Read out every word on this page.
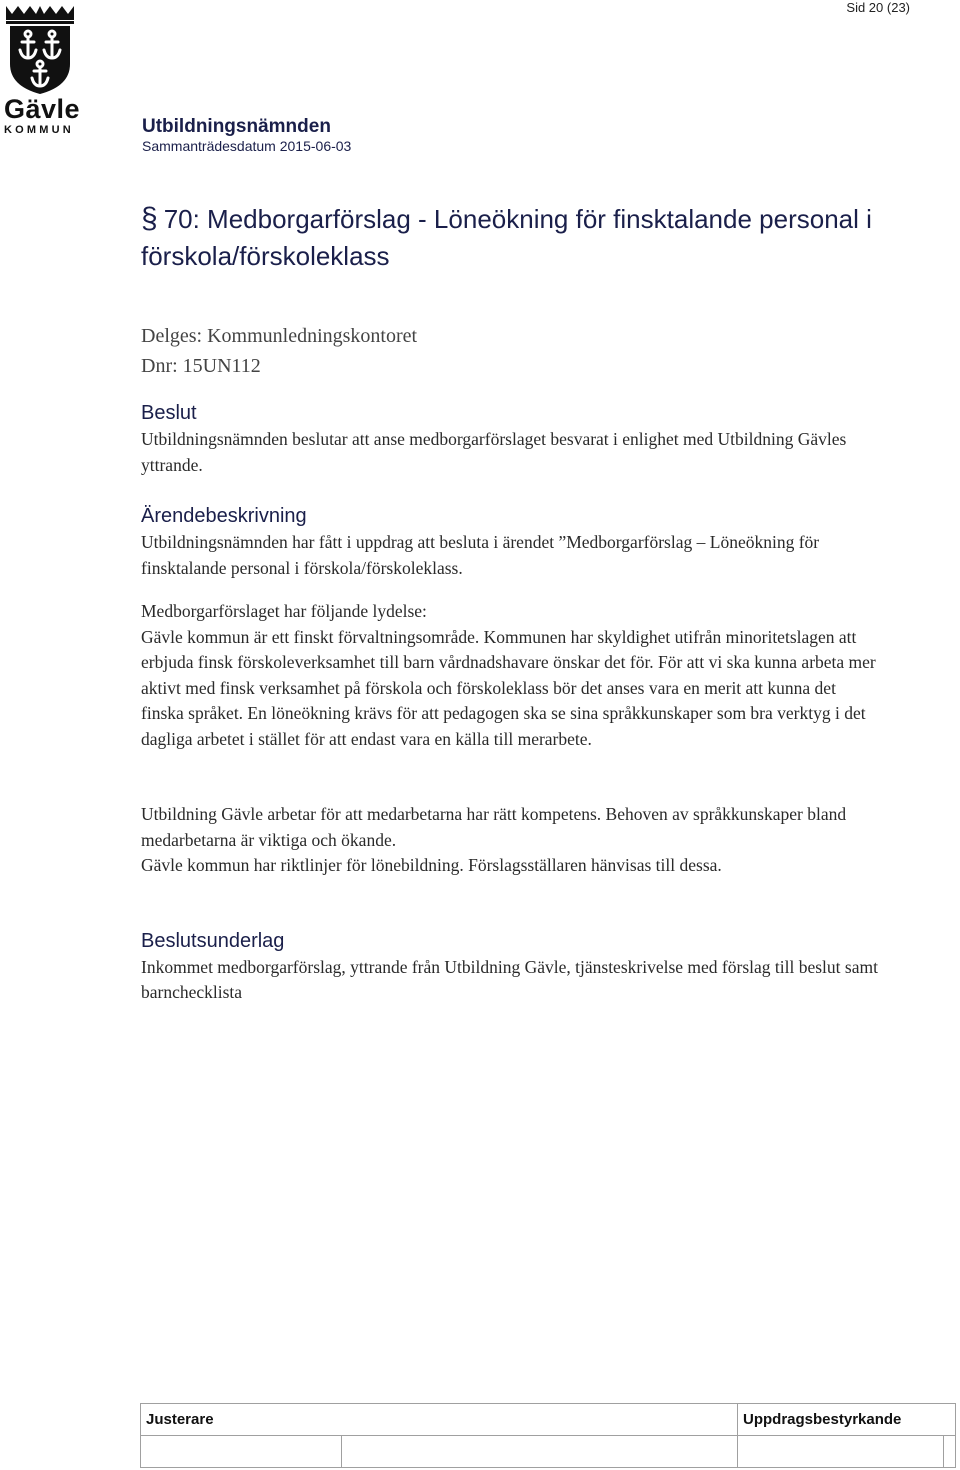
Sid 20 (23)
Gävle
KOMMUN	Utbildningsnämnden
Sammanträdesdatum 2015-06-03
§ 70: Medborgarförslag - Löneökning för finsktalande personal i förskola/förskoleklass
Delges: Kommunledningskontoret
Dnr: 15UN112
Beslut

Utbildningsnämnden beslutar att anse medborgarförslaget besvarat i enlighet med Utbildning Gävles yttrande.

Ärendebeskrivning

Utbildningsnämnden har fått i uppdrag att besluta i ärendet ”Medborgarförslag – Löneökning för finsktalande personal i förskola/förskoleklass.

Medborgarförslaget har följande lydelse:

Gävle kommun är ett finskt förvaltningsområde. Kommunen har skyldighet utifrån minoritetslagen att erbjuda finsk förskoleverksamhet till barn vårdnadshavare önskar det för. För att vi ska kunna arbeta mer aktivt med finsk verksamhet på förskola och förskoleklass bör det anses vara en merit att kunna det finska språket. En löneökning krävs för att pedagogen ska se sina språkkunskaper som bra verktyg i det dagliga arbetet i stället för att endast vara en källa till merarbete.

Utbildning Gävle arbetar för att medarbetarna har rätt kompetens. Behoven av språkkunskaper bland medarbetarna är viktiga och ökande.

Gävle kommun har riktlinjer för lönebildning. Förslagsställaren hänvisas till dessa.

Beslutsunderlag

Inkommet medborgarförslag, yttrande från Utbildning Gävle, tjänsteskrivelse med förslag till beslut samt barnchecklista

Justerare		Uppdragsbestyrkande	
